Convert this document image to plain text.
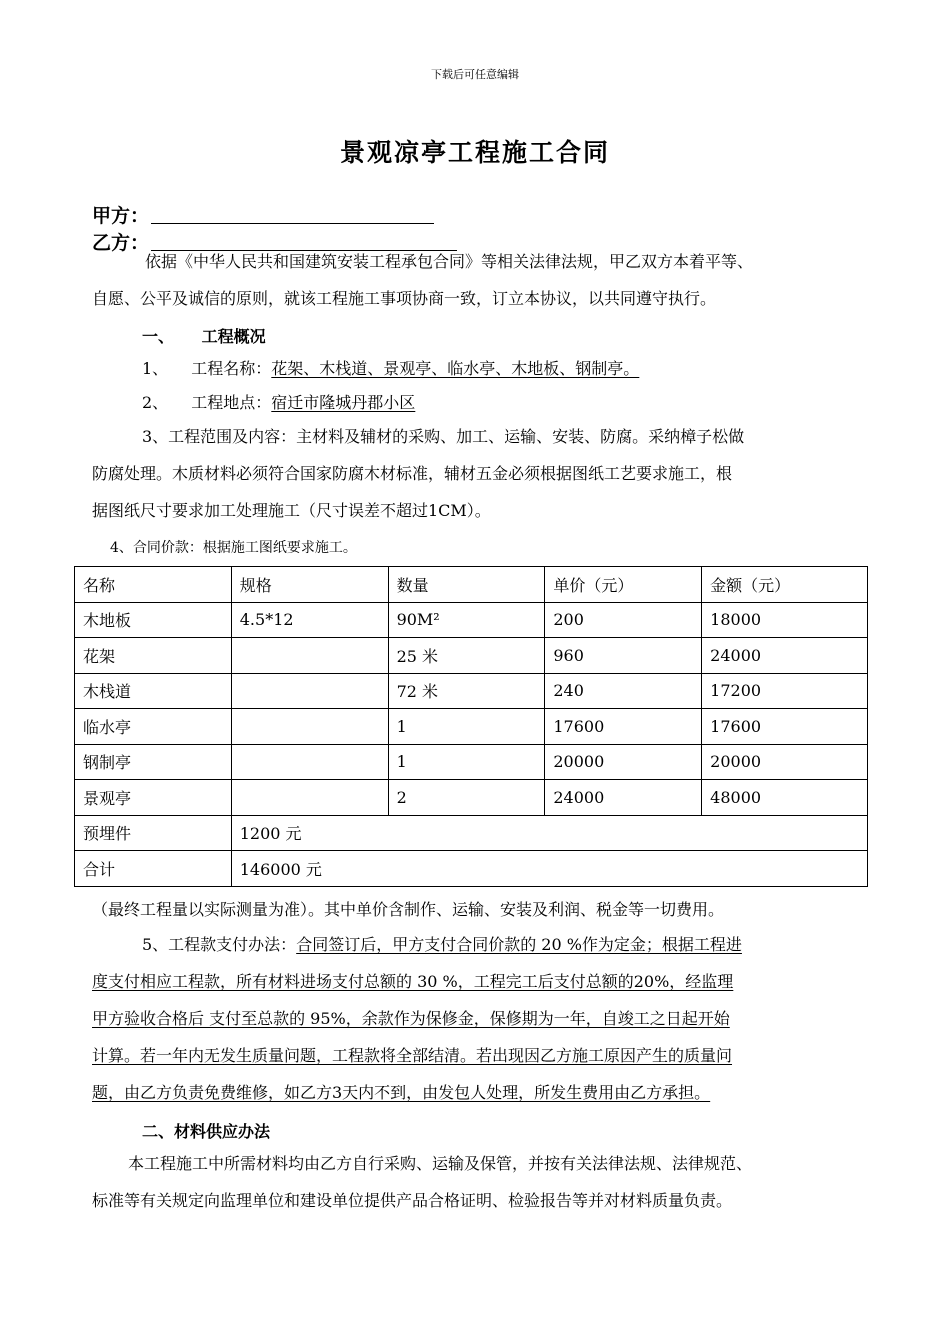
下载后可任意编辑
景观凉亭工程施工合同
甲方：
乙方：
依据《中华人民共和国建筑安装工程承包合同》等相关法律法规，甲乙双方本着平等、
自愿、公平及诚信的原则，就该工程施工事项协商一致，订立本协议，以共同遵守执行。
一、 工程概况
1、 工程名称：花架、木栈道、景观亭、临水亭、木地板、钢制亭。
2、 工程地点：宿迁市隆城丹郡小区
3、工程范围及内容：主材料及辅材的采购、加工、运输、安装、防腐。采纳樟子松做
防腐处理。木质材料必须符合国家防腐木材标准，辅材五金必须根据图纸工艺要求施工，根
据图纸尺寸要求加工处理施工（尺寸误差不超过1CM）。
4、合同价款：根据施工图纸要求施工。
名称	规格	数量	单价（元）	金额（元）
木地板	4.5*12	90M²	200	18000
花架		25 米	960	24000
木栈道		72 米	240	17200
临水亭		1	17600	17600
钢制亭		1	20000	20000
景观亭		2	24000	48000
预埋件	1200 元			
合计	146000 元			
（最终工程量以实际测量为准）。其中单价含制作、运输、安装及利润、税金等一切费用。
5、工程款支付办法：合同签订后，甲方支付合同价款的 20 %作为定金；根据工程进
度支付相应工程款，所有材料进场支付总额的 30 %，工程完工后支付总额的20%，经监理
甲方验收合格后 支付至总款的 95%，余款作为保修金，保修期为一年，自竣工之日起开始
计算。若一年内无发生质量问题，工程款将全部结清。若出现因乙方施工原因产生的质量问
题，由乙方负责免费维修，如乙方3天内不到，由发包人处理，所发生费用由乙方承担。
二、材料供应办法
本工程施工中所需材料均由乙方自行采购、运输及保管，并按有关法律法规、法律规范、
标准等有关规定向监理单位和建设单位提供产品合格证明、检验报告等并对材料质量负责。
